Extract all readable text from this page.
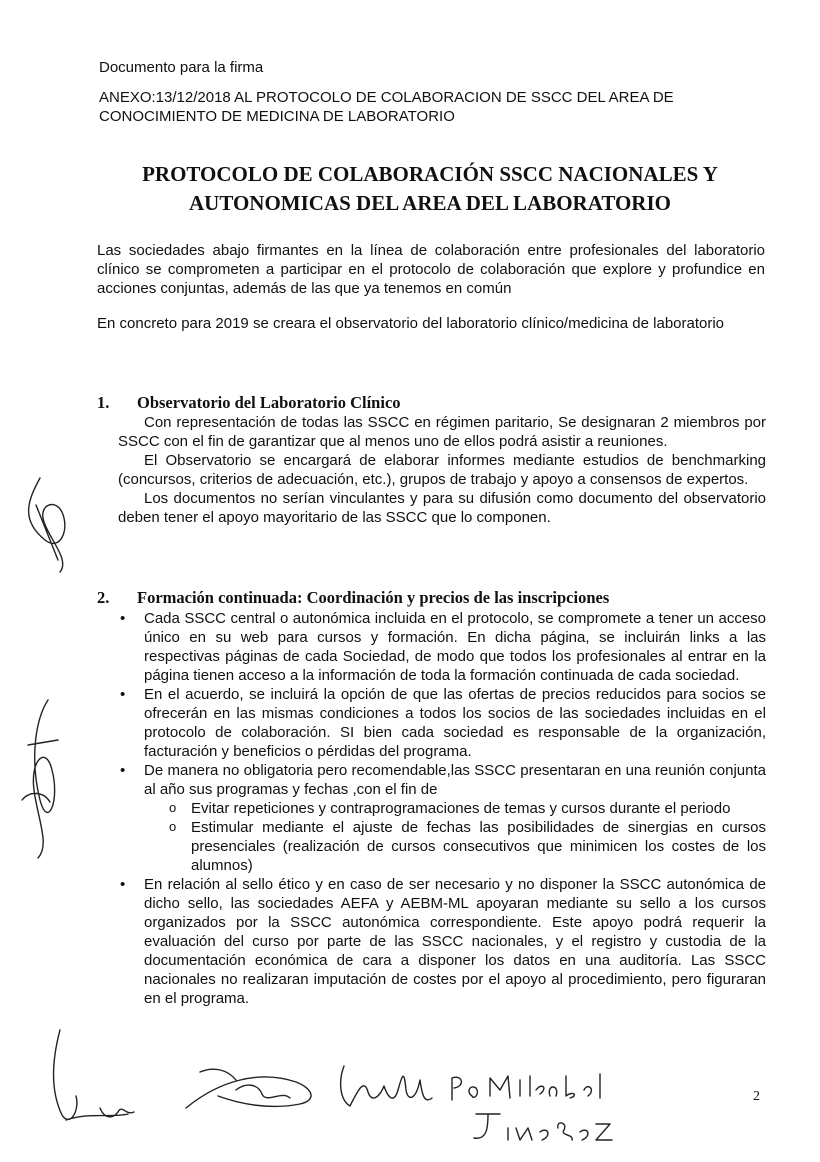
Documento para la firma
ANEXO:13/12/2018 AL PROTOCOLO DE COLABORACION DE SSCC DEL AREA DE CONOCIMIENTO DE MEDICINA DE LABORATORIO
PROTOCOLO DE COLABORACIÓN SSCC NACIONALES Y
AUTONOMICAS DEL AREA DEL LABORATORIO

Las sociedades abajo firmantes en la línea de colaboración entre profesionales del laboratorio clínico se comprometen a participar en el protocolo de colaboración que explore y profundice en acciones conjuntas, además de las que ya tenemos en común

En concreto para 2019 se creara el observatorio del laboratorio clínico/medicina de laboratorio

1. Observatorio del Laboratorio Clínico

Con representación de todas las SSCC en régimen paritario, Se designaran 2 miembros por SSCC con el fin de garantizar que al menos uno de ellos podrá asistir a reuniones.

El Observatorio se encargará de elaborar informes mediante estudios de benchmarking (concursos, criterios de adecuación, etc.), grupos de trabajo y apoyo a consensos de expertos.

Los documentos no serían vinculantes y para su difusión como documento del observatorio deben tener el apoyo mayoritario de las SSCC que lo componen.

2. Formación continuada: Coordinación y precios de las inscripciones
• Cada SSCC central o autonómica incluida en el protocolo, se compromete a tener un acceso único en su web para cursos y formación. En dicha página, se incluirán links a las respectivas páginas de cada Sociedad, de modo que todos los profesionales al entrar en la página tienen acceso a la información de toda la formación continuada de cada sociedad.
• En el acuerdo, se incluirá la opción de que las ofertas de precios reducidos para socios se ofrecerán en las mismas condiciones a todos los socios de las sociedades incluidas en el protocolo de colaboración. SI bien cada sociedad es responsable de la organización, facturación y beneficios o pérdidas del programa.
• De manera no obligatoria pero recomendable,las SSCC presentaran en una reunión conjunta al año sus programas y fechas ,con el fin de
o Evitar repeticiones y contraprogramaciones de temas y cursos durante el periodo
o Estimular mediante el ajuste de fechas las posibilidades de sinergias en cursos presenciales (realización de cursos consecutivos que minimicen los costes de los alumnos)
• En relación al sello ético y en caso de ser necesario y no disponer la SSCC autonómica de dicho sello, las sociedades AEFA y AEBM-ML apoyaran mediante su sello a los cursos organizados por la SSCC autonómica correspondiente. Este apoyo podrá requerir la evaluación del curso por parte de las SSCC nacionales, y el registro y custodia de la documentación económica de cara a disponer los datos en una auditoría. Las SSCC nacionales no realizaran imputación de costes por el apoyo al procedimiento, pero figuraran en el programa.
2
